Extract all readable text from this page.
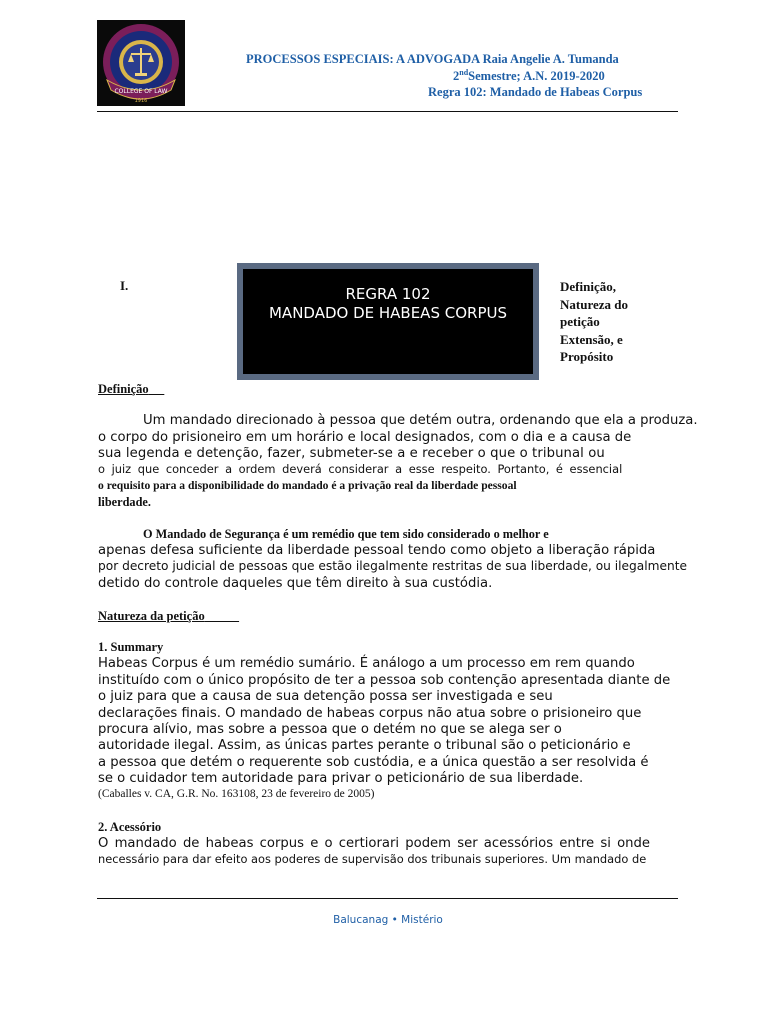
COLLEGE OF LAW
1916
PROCESSOS ESPECIAIS: A ADVOGADA Raia Angelie A. Tumanda
2ndSemestre; A.N. 2019-2020
Regra 102: Mandado de Habeas Corpus
I.	REGRA 102
MANDADO DE HABEAS CORPUS
Definição,
Natureza do
petição
Extensão, e
Propósito
Definição
Um mandado direcionado à pessoa que detém outra, ordenando que ela a produza.
o corpo do prisioneiro em um horário e local designados, com o dia e a causa de
sua legenda e detenção, fazer, submeter-se a e receber o que o tribunal ou
o juiz que conceder a ordem deverá considerar a esse respeito. Portanto, é essencial
o requisito para a disponibilidade do mandado é a privação real da liberdade pessoal
liberdade.
O Mandado de Segurança é um remédio que tem sido considerado o melhor e
apenas defesa suficiente da liberdade pessoal tendo como objeto a liberação rápida
por decreto judicial de pessoas que estão ilegalmente restritas de sua liberdade, ou ilegalmente
detido do controle daqueles que têm direito à sua custódia.
Natureza da petição
1. Summary
Habeas Corpus é um remédio sumário. É análogo a um processo em rem quando
instituído com o único propósito de ter a pessoa sob contenção apresentada diante de
o juiz para que a causa de sua detenção possa ser investigada e seu
declarações finais. O mandado de habeas corpus não atua sobre o prisioneiro que
procura alívio, mas sobre a pessoa que o detém no que se alega ser o
autoridade ilegal. Assim, as únicas partes perante o tribunal são o peticionário e
a pessoa que detém o requerente sob custódia, e a única questão a ser resolvida é
se o cuidador tem autoridade para privar o peticionário de sua liberdade.
(Caballes v. CA, G.R. No. 163108, 23 de fevereiro de 2005)
2. Acessório
O mandado de habeas corpus e o certiorari podem ser acessórios entre si onde
necessário para dar efeito aos poderes de supervisão dos tribunais superiores. Um mandado de
Balucanag • Mistério
